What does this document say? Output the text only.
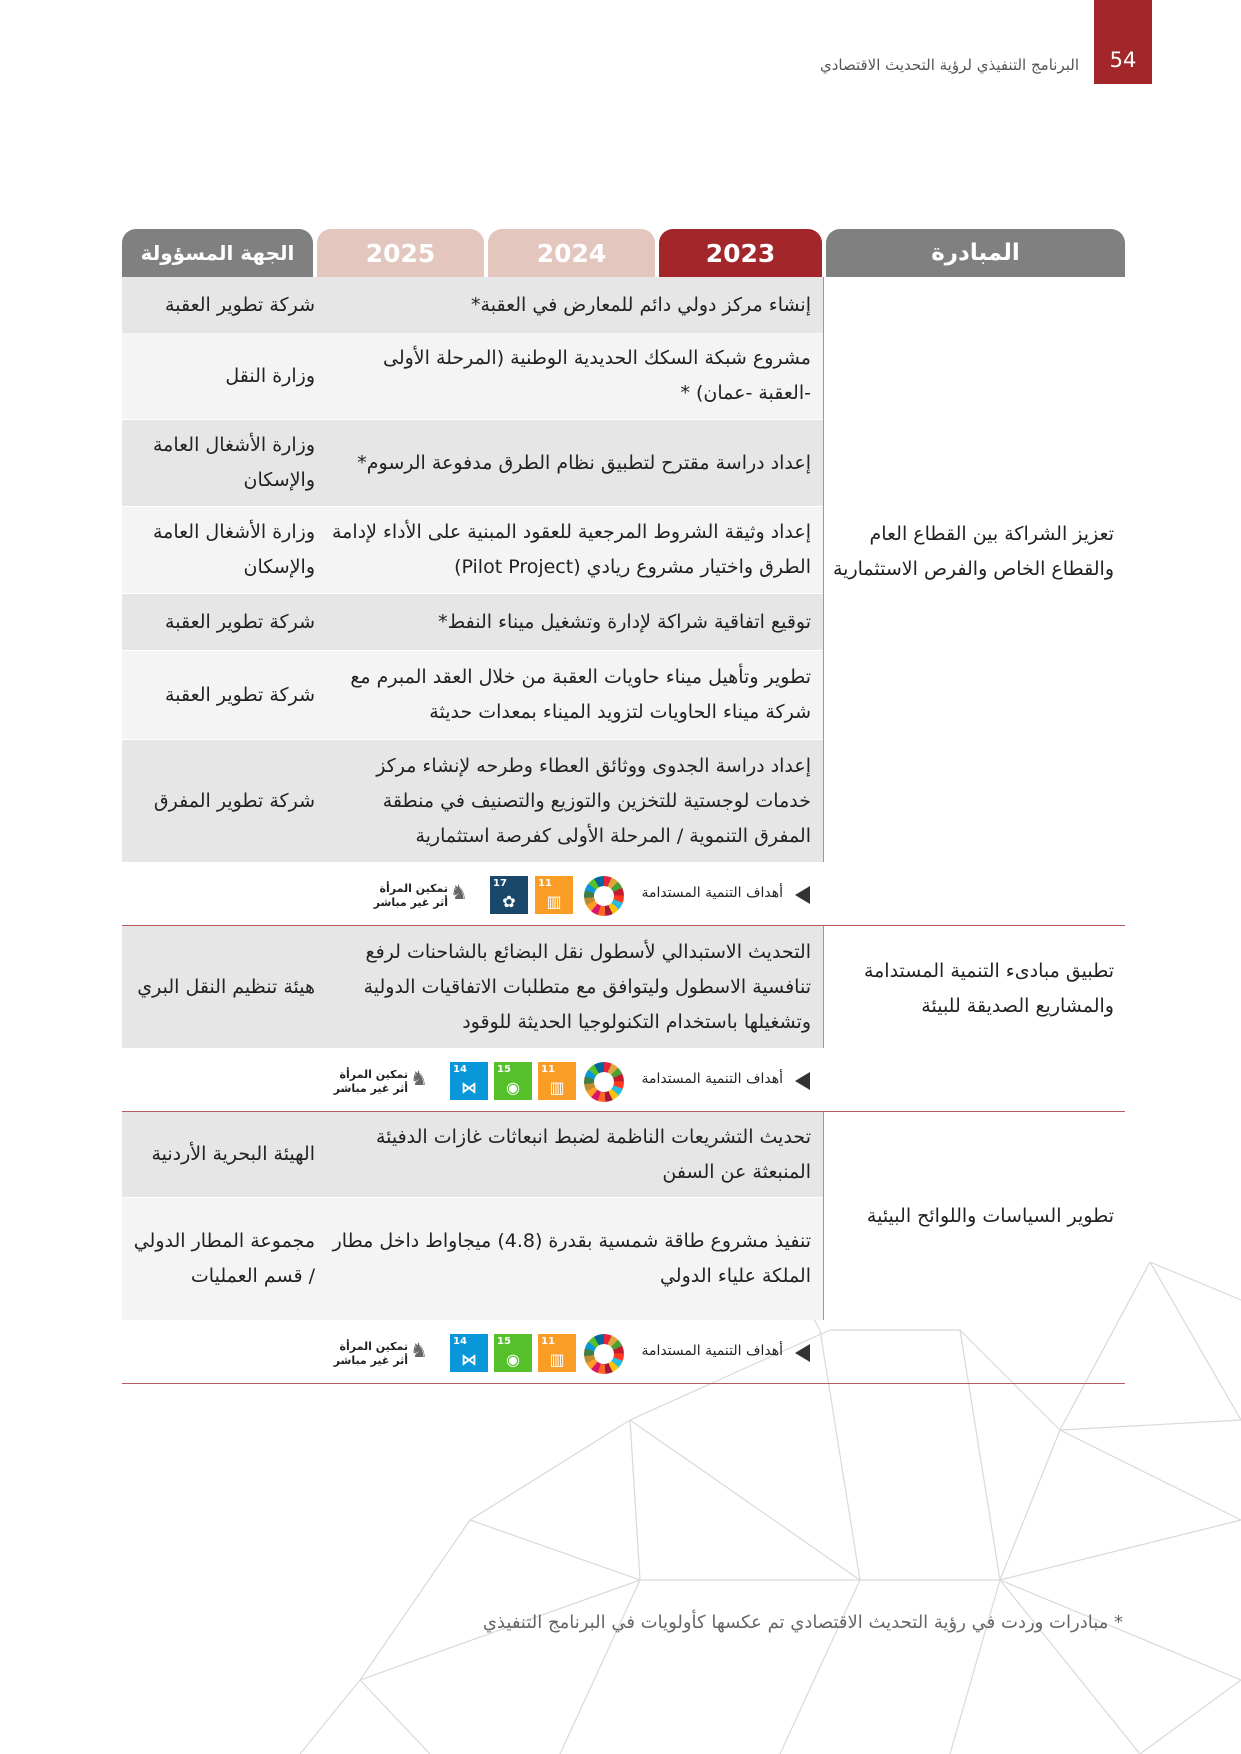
54
البرنامج التنفيذي لرؤية التحديث الاقتصادي
المبادرة
2023
2024
2025
الجهة المسؤولة
تعزيز الشراكة بين القطاع العام والقطاع الخاص والفرص الاستثمارية
إنشاء مركز دولي دائم للمعارض في العقبة*
شركة تطوير العقبة
مشروع شبكة السكك الحديدية الوطنية (المرحلة الأولى -العقبة -عمان) *
وزارة النقل
إعداد دراسة مقترح لتطبيق نظام الطرق مدفوعة الرسوم*
وزارة الأشغال العامة والإسكان
إعداد وثيقة الشروط المرجعية للعقود المبنية على الأداء لإدامة الطرق واختيار مشروع ريادي (Pilot Project)
وزارة الأشغال العامة والإسكان
توقيع اتفاقية شراكة لإدارة وتشغيل ميناء النفط*
شركة تطوير العقبة
تطوير وتأهيل ميناء حاويات العقبة من خلال العقد المبرم مع شركة ميناء الحاويات لتزويد الميناء بمعدات حديثة
شركة تطوير العقبة
إعداد دراسة الجدوى ووثائق العطاء وطرحه لإنشاء مركز خدمات لوجستية للتخزين والتوزيع والتصنيف في منطقة المفرق التنموية / المرحلة الأولى كفرصة استثمارية
شركة تطوير المفرق
أهداف التنمية المستدامة
11
▥
17
✿
♞
تمكين المرأة
أثر غير مباشر
تطبيق مبادىء التنمية المستدامة والمشاريع الصديقة للبيئة
التحديث الاستبدالي لأسطول نقل البضائع بالشاحنات لرفع تنافسية الاسطول وليتوافق مع متطلبات الاتفاقيات الدولية وتشغيلها باستخدام التكنولوجيا الحديثة للوقود
هيئة تنظيم النقل البري
أهداف التنمية المستدامة
11
▥
15
◉
14
⋈
♞
تمكين المرأة
أثر غير مباشر
تطوير السياسات واللوائح البيئية
تحديث التشريعات الناظمة لضبط انبعاثات غازات الدفيئة المنبعثة عن السفن
الهيئة البحرية الأردنية
تنفيذ مشروع طاقة شمسية بقدرة (4.8) ميجاواط داخل مطار الملكة علياء الدولي
مجموعة المطار الدولي / قسم العمليات
أهداف التنمية المستدامة
11
▥
15
◉
14
⋈
♞
تمكين المرأة
أثر غير مباشر
* مبادرات وردت في رؤية التحديث الاقتصادي تم عكسها كأولويات في البرنامج التنفيذي
